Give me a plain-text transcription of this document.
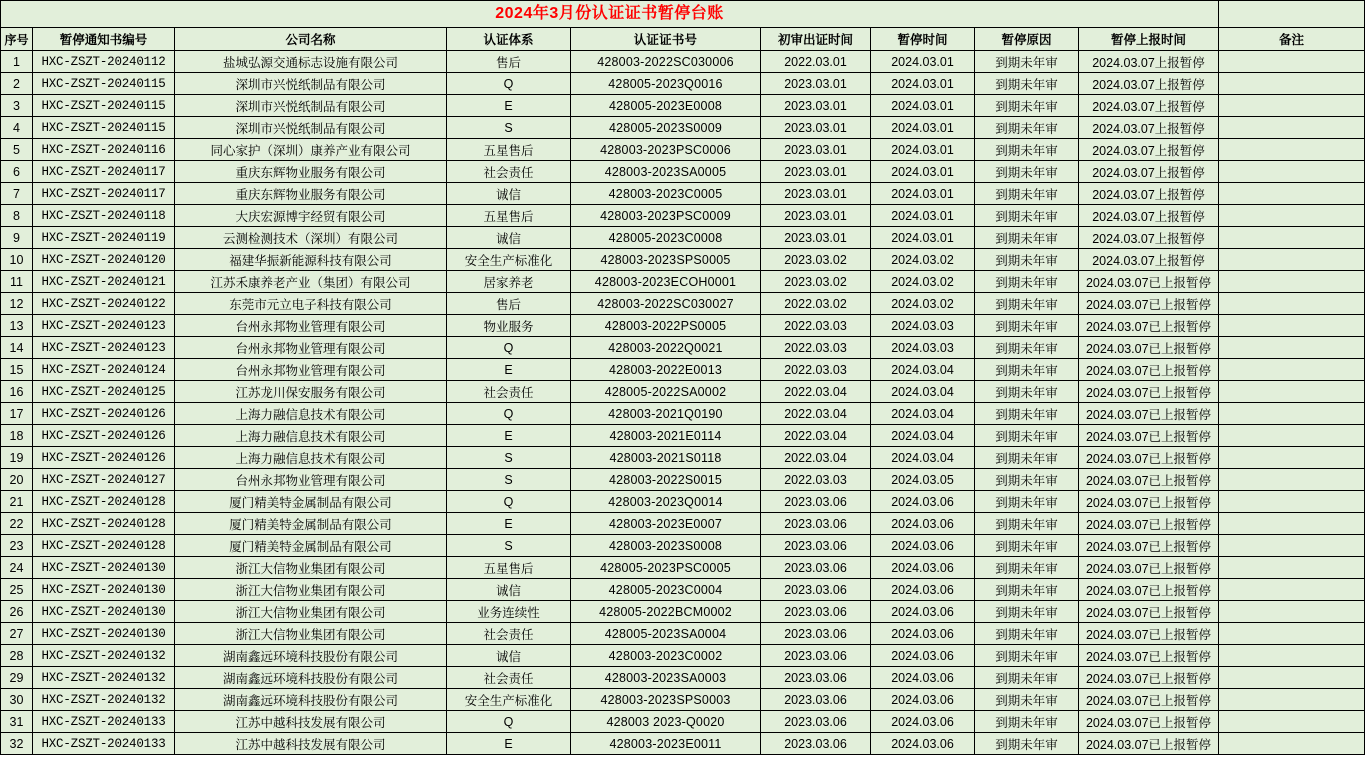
2024年3月份认证证书暂停台账									
序号	暂停通知书编号	公司名称	认证体系	认证证书号	初审出证时间	暂停时间	暂停原因	暂停上报时间	备注
1	HXC-ZSZT-20240112	盐城弘源交通标志设施有限公司	售后	428003-2022SC030006	2022.03.01	2024.03.01	到期未年审	2024.03.07上报暂停	
2	HXC-ZSZT-20240115	深圳市兴悦纸制品有限公司	Q	428005-2023Q0016	2023.03.01	2024.03.01	到期未年审	2024.03.07上报暂停	
3	HXC-ZSZT-20240115	深圳市兴悦纸制品有限公司	E	428005-2023E0008	2023.03.01	2024.03.01	到期未年审	2024.03.07上报暂停	
4	HXC-ZSZT-20240115	深圳市兴悦纸制品有限公司	S	428005-2023S0009	2023.03.01	2024.03.01	到期未年审	2024.03.07上报暂停	
5	HXC-ZSZT-20240116	同心家护（深圳）康养产业有限公司	五星售后	428003-2023PSC0006	2023.03.01	2024.03.01	到期未年审	2024.03.07上报暂停	
6	HXC-ZSZT-20240117	重庆东辉物业服务有限公司	社会责任	428003-2023SA0005	2023.03.01	2024.03.01	到期未年审	2024.03.07上报暂停	
7	HXC-ZSZT-20240117	重庆东辉物业服务有限公司	诚信	428003-2023C0005	2023.03.01	2024.03.01	到期未年审	2024.03.07上报暂停	
8	HXC-ZSZT-20240118	大庆宏源博宇经贸有限公司	五星售后	428003-2023PSC0009	2023.03.01	2024.03.01	到期未年审	2024.03.07上报暂停	
9	HXC-ZSZT-20240119	云测检测技术（深圳）有限公司	诚信	428005-2023C0008	2023.03.01	2024.03.01	到期未年审	2024.03.07上报暂停	
10	HXC-ZSZT-20240120	福建华振新能源科技有限公司	安全生产标准化	428003-2023SPS0005	2023.03.02	2024.03.02	到期未年审	2024.03.07上报暂停	
11	HXC-ZSZT-20240121	江苏禾康养老产业（集团）有限公司	居家养老	428003-2023ECOH0001	2023.03.02	2024.03.02	到期未年审	2024.03.07已上报暂停	
12	HXC-ZSZT-20240122	东莞市元立电子科技有限公司	售后	428003-2022SC030027	2022.03.02	2024.03.02	到期未年审	2024.03.07已上报暂停	
13	HXC-ZSZT-20240123	台州永邦物业管理有限公司	物业服务	428003-2022PS0005	2022.03.03	2024.03.03	到期未年审	2024.03.07已上报暂停	
14	HXC-ZSZT-20240123	台州永邦物业管理有限公司	Q	428003-2022Q0021	2022.03.03	2024.03.03	到期未年审	2024.03.07已上报暂停	
15	HXC-ZSZT-20240124	台州永邦物业管理有限公司	E	428003-2022E0013	2022.03.03	2024.03.04	到期未年审	2024.03.07已上报暂停	
16	HXC-ZSZT-20240125	江苏龙川保安服务有限公司	社会责任	428005-2022SA0002	2022.03.04	2024.03.04	到期未年审	2024.03.07已上报暂停	
17	HXC-ZSZT-20240126	上海力融信息技术有限公司	Q	428003-2021Q0190	2022.03.04	2024.03.04	到期未年审	2024.03.07已上报暂停	
18	HXC-ZSZT-20240126	上海力融信息技术有限公司	E	428003-2021E0114	2022.03.04	2024.03.04	到期未年审	2024.03.07已上报暂停	
19	HXC-ZSZT-20240126	上海力融信息技术有限公司	S	428003-2021S0118	2022.03.04	2024.03.04	到期未年审	2024.03.07已上报暂停	
20	HXC-ZSZT-20240127	台州永邦物业管理有限公司	S	428003-2022S0015	2022.03.03	2024.03.05	到期未年审	2024.03.07已上报暂停	
21	HXC-ZSZT-20240128	厦门精美特金属制品有限公司	Q	428003-2023Q0014	2023.03.06	2024.03.06	到期未年审	2024.03.07已上报暂停	
22	HXC-ZSZT-20240128	厦门精美特金属制品有限公司	E	428003-2023E0007	2023.03.06	2024.03.06	到期未年审	2024.03.07已上报暂停	
23	HXC-ZSZT-20240128	厦门精美特金属制品有限公司	S	428003-2023S0008	2023.03.06	2024.03.06	到期未年审	2024.03.07已上报暂停	
24	HXC-ZSZT-20240130	浙江大信物业集团有限公司	五星售后	428005-2023PSC0005	2023.03.06	2024.03.06	到期未年审	2024.03.07已上报暂停	
25	HXC-ZSZT-20240130	浙江大信物业集团有限公司	诚信	428005-2023C0004	2023.03.06	2024.03.06	到期未年审	2024.03.07已上报暂停	
26	HXC-ZSZT-20240130	浙江大信物业集团有限公司	业务连续性	428005-2022BCM0002	2023.03.06	2024.03.06	到期未年审	2024.03.07已上报暂停	
27	HXC-ZSZT-20240130	浙江大信物业集团有限公司	社会责任	428005-2023SA0004	2023.03.06	2024.03.06	到期未年审	2024.03.07已上报暂停	
28	HXC-ZSZT-20240132	湖南鑫远环境科技股份有限公司	诚信	428003-2023C0002	2023.03.06	2024.03.06	到期未年审	2024.03.07已上报暂停	
29	HXC-ZSZT-20240132	湖南鑫远环境科技股份有限公司	社会责任	428003-2023SA0003	2023.03.06	2024.03.06	到期未年审	2024.03.07已上报暂停	
30	HXC-ZSZT-20240132	湖南鑫远环境科技股份有限公司	安全生产标准化	428003-2023SPS0003	2023.03.06	2024.03.06	到期未年审	2024.03.07已上报暂停	
31	HXC-ZSZT-20240133	江苏中越科技发展有限公司	Q	428003 2023-Q0020	2023.03.06	2024.03.06	到期未年审	2024.03.07已上报暂停	
32	HXC-ZSZT-20240133	江苏中越科技发展有限公司	E	428003-2023E0011	2023.03.06	2024.03.06	到期未年审	2024.03.07已上报暂停	
